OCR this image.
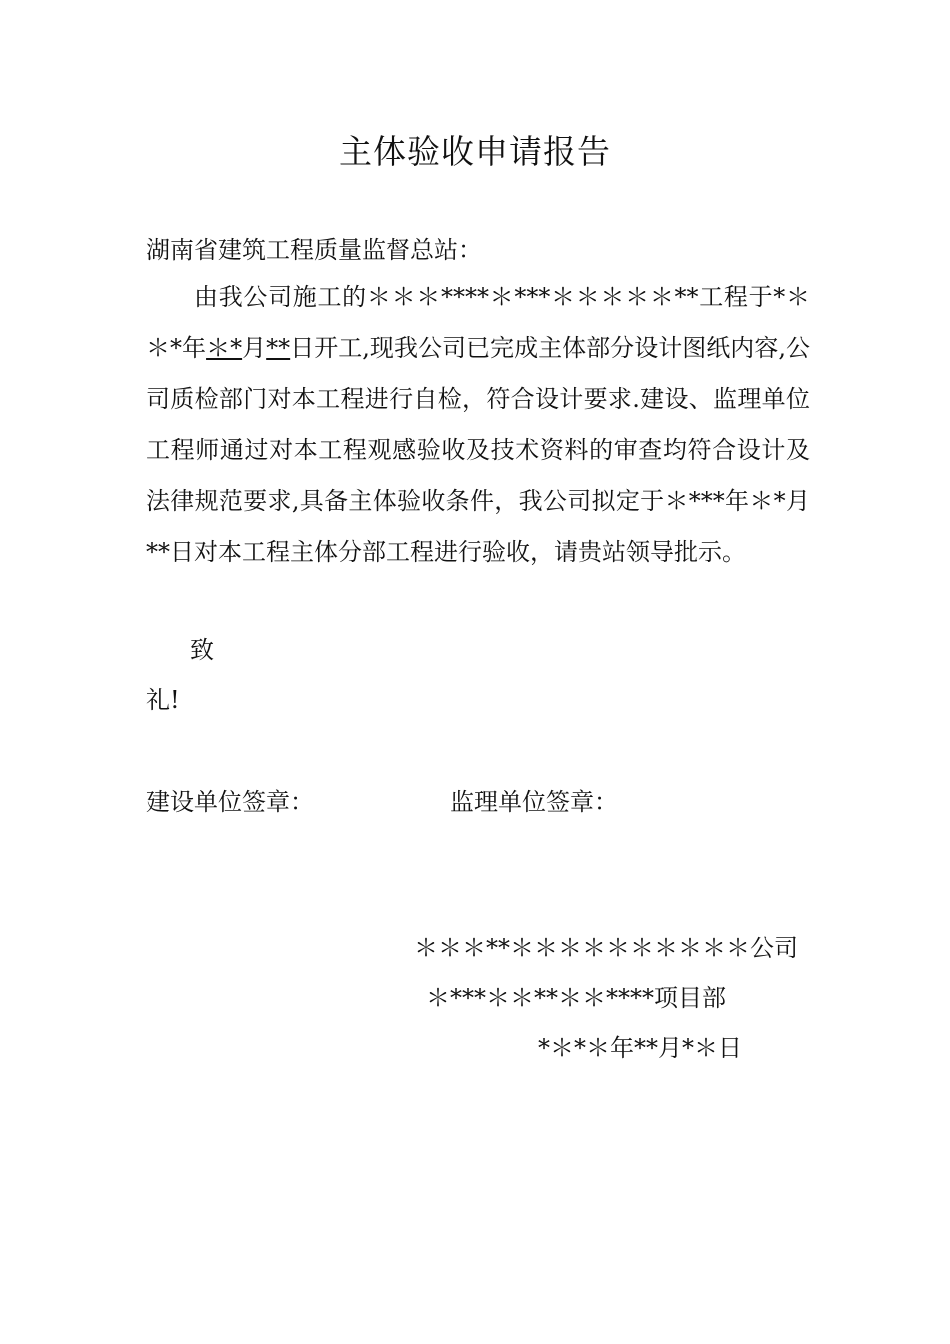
主体验收申请报告
湖南省建筑工程质量监督总站：
由我公司施工的＊＊＊****＊***＊＊＊＊＊**工程于*＊＊*年＊*月**日开工,现我公司已完成主体部分设计图纸内容,公司质检部门对本工程进行自检，符合设计要求.建设、监理单位工程师通过对本工程观感验收及技术资料的审查均符合设计及法律规范要求,具备主体验收条件，我公司拟定于＊***年＊*月**日对本工程主体分部工程进行验收，请贵站领导批示。
致
礼!
建设单位签章：	监理单位签章：
＊＊＊**＊＊＊＊＊＊＊＊＊＊公司
＊***＊＊**＊＊****项目部
*＊*＊年**月*＊日
